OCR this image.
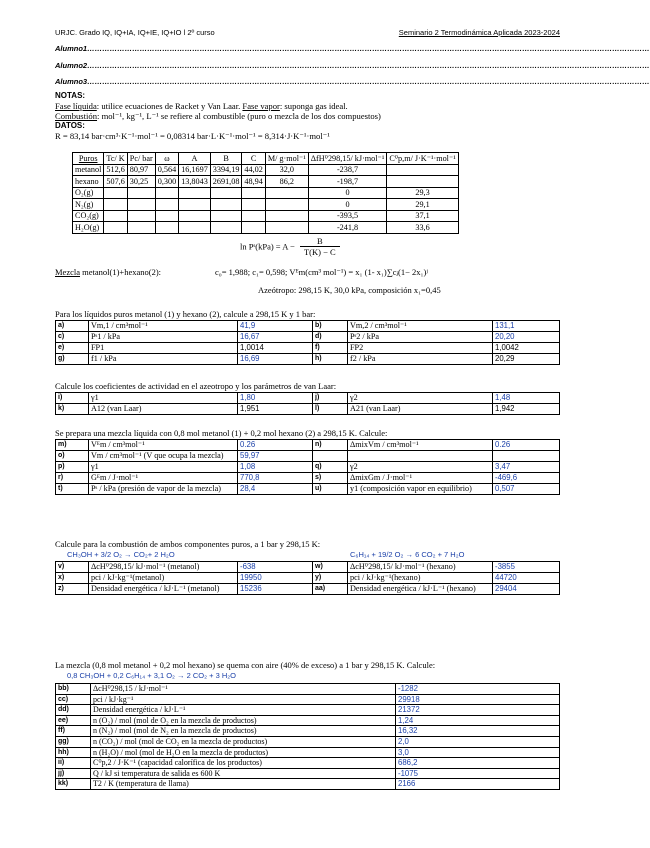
URJC. Grado IQ, IQ+IA, IQ+IE, IQ+IO l 2º curso	Seminario 2 Termodinámica Aplicada 2023-2024
Alumno1………………………………………………………………………………………………………………………………………………………………………………………………………
Alumno2………………………………………………………………………………………………………………………………………………………………………………………………………
Alumno3………………………………………………………………………………………………………………………………………………………………………………………………………
NOTAS:
Fase líquida: utilice ecuaciones de Racket y Van Laar. Fase vapor: suponga gas ideal.
Combustión: mol⁻¹, kg⁻¹, L⁻¹ se refiere al combustible (puro o mezcla de los dos compuestos)
DATOS:
R = 83,14 bar·cm³·K⁻¹·mol⁻¹ = 0,08314 bar·L·K⁻¹·mol⁻¹ = 8,314·J·K⁻¹·mol⁻¹
Puros	Tc/ K	Pc/ bar	ω	A	B	C	M/ g·mol⁻¹	ΔfH⁰298,15/ kJ·mol⁻¹	C⁰p,m/ J·K⁻¹·mol⁻¹
metanol	512,6	80,97	0,564	16,1697	3394,19	44,02	32,0	-238,7	
hexano	507,6	30,25	0,300	13,8043	2691,08	48,94	86,2	-198,7	
O₂(g)								0	29,3
N₂(g)								0	29,1
CO₂(g)								-393,5	37,1
H₂O(g)								-241,8	33,6
ln Pˢ(kPa) = $A - \frac{B}{T(K) - C}$
Mezcla metanol(1)+hexano(2):	c₀= 1,988; c₁= 0,598; Vᴱm(cm³ mol⁻¹) = x₁ (1- x₁)∑cⱼ(1− 2x₁)ʲ
Azeótropo: 298,15 K, 30,0 kPa, composición x₁=0,45
Para los líquidos puros metanol (1) y hexano (2), calcule a 298,15 K y 1 bar:
a)	Vm,1 / cm³mol⁻¹	41,9	b)	Vm,2 / cm³mol⁻¹	131,1
c)	Pˢ1 / kPa	16,67	d)	Pˢ2 / kPa	20,20
e)	FP1	1,0014	f)	FP2	1,0042
g)	f1 / kPa	16,69	h)	f2 / kPa	20,29
Calcule los coeficientes de actividad en el azeotropo y los parámetros de van Laar:
i)	γ1	1,80	j)	γ2	1,48
k)	A12 (van Laar)	1,951	l)	A21 (van Laar)	1,942
Se prepara una mezcla líquida con 0,8 mol metanol (1) + 0,2 mol hexano (2) a 298,15 K. Calcule:
m)	Vᴱm / cm³mol⁻¹	0.26	n)	ΔmixVm / cm³mol⁻¹	0.26
o)	Vm / cm³mol⁻¹ (V que ocupa la mezcla)	59,97			
p)	γ1	1,08	q)	γ2	3,47
r)	Gᴱm / J·mol⁻¹	770,8	s)	ΔmixGm / J·mol⁻¹	-469,6
t)	Pˢ / kPa (presión de vapor de la mezcla)	28,4	u)	y1 (composición vapor en equilibrio)	0,507
Calcule para la combustión de ambos componentes puros, a 1 bar y 298,15 K:
CH₃OH + 3/2 O₂ → CO₂+ 2 H₂O	C₆H₁₄ + 19/2 O₂ → 6 CO₂ + 7 H₂O
v)	ΔcH⁰298,15/ kJ·mol⁻¹ (metanol)	-638	w)	ΔcH⁰298,15/ kJ·mol⁻¹ (hexano)	-3855
x)	pci / kJ·kg⁻¹(metanol)	19950	y)	pci / kJ·kg⁻¹(hexano)	44720
z)	Densidad energética / kJ·L⁻¹ (metanol)	15236	aa)	Densidad energética / kJ·L⁻¹ (hexano)	29404
La mezcla (0,8 mol metanol + 0,2 mol hexano) se quema con aire (40% de exceso) a 1 bar y 298,15 K. Calcule:
0,8 CH₃OH + 0,2 C₆H₁₄ + 3,1 O₂ → 2 CO₂ + 3 H₂O
bb)	ΔcH⁰298,15 / kJ·mol⁻¹	-1282
cc)	pci / kJ·kg⁻¹	29918
dd)	Densidad energética / kJ·L⁻¹	21372
ee)	n (O₂) / mol (mol de O₂ en la mezcla de productos)	1,24
ff)	n (N₂) / mol (mol de N₂ en la mezcla de productos)	16,32
gg)	n (CO₂) / mol (mol de CO₂ en la mezcla de productos)	2,0
hh)	n (H₂O) / mol (mol de H₂O en la mezcla de productos)	3,0
ii)	C⁰p,2 / J·K⁻¹ (capacidad calorífica de los productos)	686,2
jj)	Q / kJ si temperatura de salida es 600 K	-1075
kk)	T2 / K (temperatura de llama)	2166
